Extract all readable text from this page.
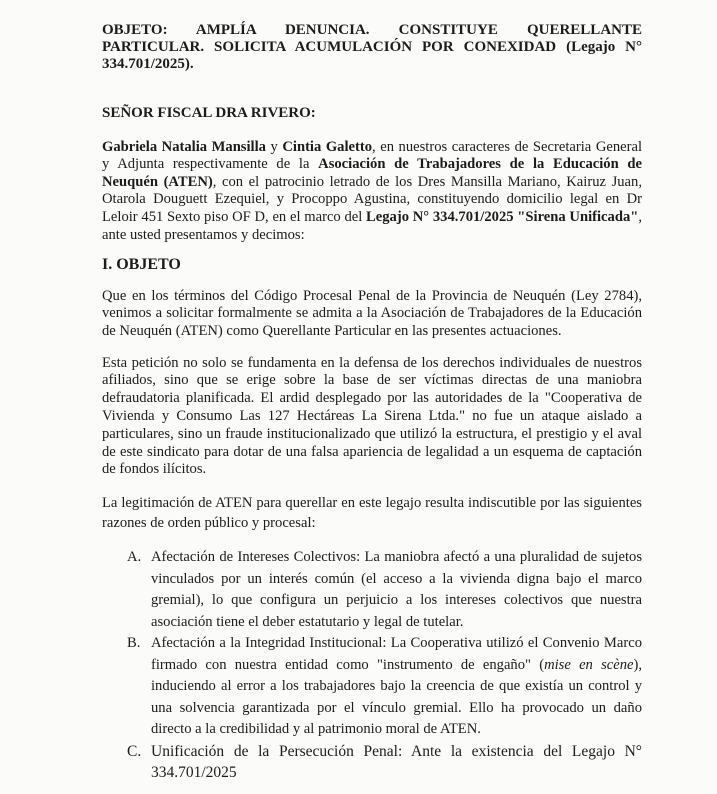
OBJETO: AMPLÍA DENUNCIA. CONSTITUYE QUERELLANTE PARTICULAR. SOLICITA ACUMULACIÓN POR CONEXIDAD (Legajo N° 334.701/2025).
SEÑOR FISCAL DRA RIVERO:
Gabriela Natalia Mansilla y Cintia Galetto, en nuestros caracteres de Secretaria General y Adjunta respectivamente de la Asociación de Trabajadores de la Educación de Neuquén (ATEN), con el patrocinio letrado de los Dres Mansilla Mariano, Kairuz Juan, Otarola Douguett Ezequiel, y Procoppo Agustina, constituyendo domicilio legal en Dr Leloir 451 Sexto piso OF D, en el marco del Legajo N° 334.701/2025 "Sirena Unificada", ante usted presentamos y decimos:
I. OBJETO
Que en los términos del Código Procesal Penal de la Provincia de Neuquén (Ley 2784), venimos a solicitar formalmente se admita a la Asociación de Trabajadores de la Educación de Neuquén (ATEN) como Querellante Particular en las presentes actuaciones.
Esta petición no solo se fundamenta en la defensa de los derechos individuales de nuestros afiliados, sino que se erige sobre la base de ser víctimas directas de una maniobra defraudatoria planificada. El ardid desplegado por las autoridades de la "Cooperativa de Vivienda y Consumo Las 127 Hectáreas La Sirena Ltda." no fue un ataque aislado a particulares, sino un fraude institucionalizado que utilizó la estructura, el prestigio y el aval de este sindicato para dotar de una falsa apariencia de legalidad a un esquema de captación de fondos ilícitos.
La legitimación de ATEN para querellar en este legajo resulta indiscutible por las siguientes razones de orden público y procesal:
A. Afectación de Intereses Colectivos: La maniobra afectó a una pluralidad de sujetos vinculados por un interés común (el acceso a la vivienda digna bajo el marco gremial), lo que configura un perjuicio a los intereses colectivos que nuestra asociación tiene el deber estatutario y legal de tutelar.
B. Afectación a la Integridad Institucional: La Cooperativa utilizó el Convenio Marco firmado con nuestra entidad como "instrumento de engaño" (mise en scène), induciendo al error a los trabajadores bajo la creencia de que existía un control y una solvencia garantizada por el vínculo gremial. Ello ha provocado un daño directo a la credibilidad y al patrimonio moral de ATEN.
C. Unificación de la Persecución Penal: Ante la existencia del Legajo N° 334.701/2025
